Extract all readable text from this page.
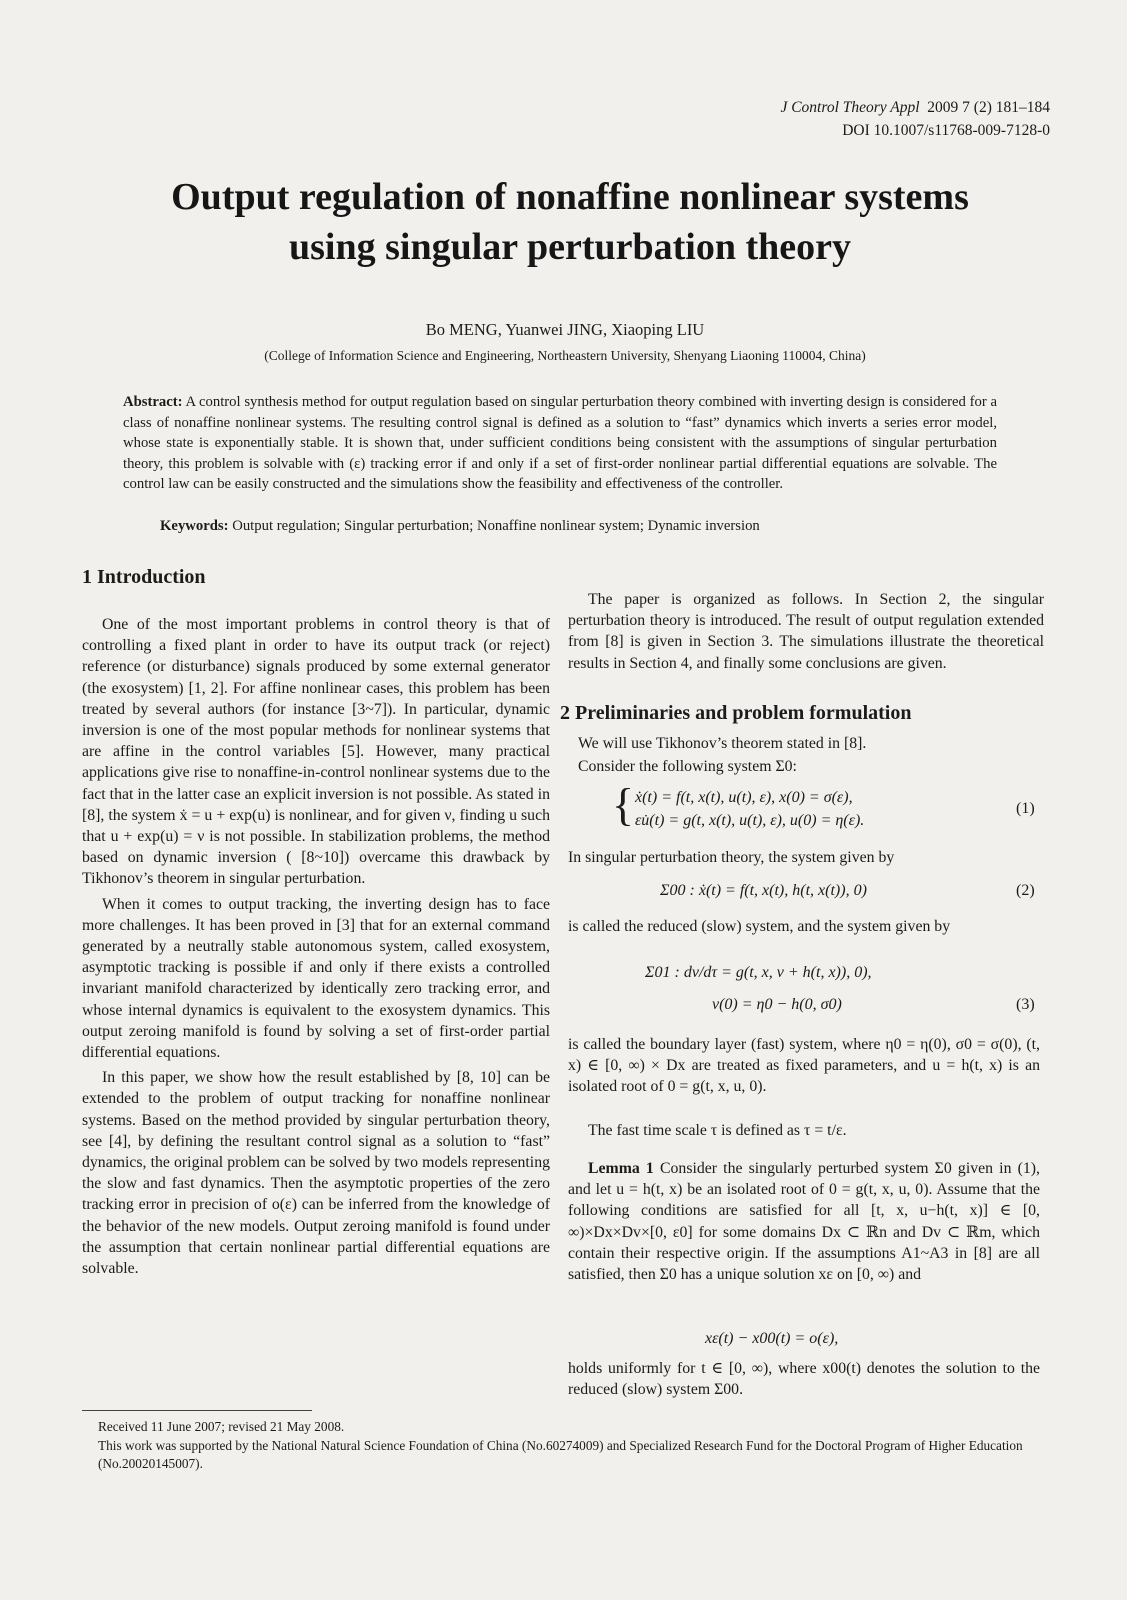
J Control Theory Appl 2009 7 (2) 181–184
DOI 10.1007/s11768-009-7128-0
Output regulation of nonaffine nonlinear systems
using singular perturbation theory
Bo MENG, Yuanwei JING, Xiaoping LIU
(College of Information Science and Engineering, Northeastern University, Shenyang Liaoning 110004, China)
Abstract: A control synthesis method for output regulation based on singular perturbation theory combined with inverting design is considered for a class of nonaffine nonlinear systems. The resulting control signal is defined as a solution to “fast” dynamics which inverts a series error model, whose state is exponentially stable. It is shown that, under sufficient conditions being consistent with the assumptions of singular perturbation theory, this problem is solvable with (ε) tracking error if and only if a set of first-order nonlinear partial differential equations are solvable. The control law can be easily constructed and the simulations show the feasibility and effectiveness of the controller.
Keywords: Output regulation; Singular perturbation; Nonaffine nonlinear system; Dynamic inversion
1 Introduction

One of the most important problems in control theory is that of controlling a fixed plant in order to have its output track (or reject) reference (or disturbance) signals produced by some external generator (the exosystem) [1, 2]. For affine nonlinear cases, this problem has been treated by several authors (for instance [3~7]). In particular, dynamic inversion is one of the most popular methods for nonlinear systems that are affine in the control variables [5]. However, many practical applications give rise to nonaffine-in-control nonlinear systems due to the fact that in the latter case an explicit inversion is not possible. As stated in [8], the system ẋ = u + exp(u) is nonlinear, and for given ν, finding u such that u + exp(u) = ν is not possible. In stabilization problems, the method based on dynamic inversion ( [8~10]) overcame this drawback by Tikhonov’s theorem in singular perturbation.

When it comes to output tracking, the inverting design has to face more challenges. It has been proved in [3] that for an external command generated by a neutrally stable autonomous system, called exosystem, asymptotic tracking is possible if and only if there exists a controlled invariant manifold characterized by identically zero tracking error, and whose internal dynamics is equivalent to the exosystem dynamics. This output zeroing manifold is found by solving a set of first-order partial differential equations.

In this paper, we show how the result established by [8, 10] can be extended to the problem of output tracking for nonaffine nonlinear systems. Based on the method provided by singular perturbation theory, see [4], by defining the resultant control signal as a solution to “fast” dynamics, the original problem can be solved by two models representing the slow and fast dynamics. Then the asymptotic properties of the zero tracking error in precision of o(ε) can be inferred from the knowledge of the behavior of the new models. Output zeroing manifold is found under the assumption that certain nonlinear partial differential equations are solvable.

The paper is organized as follows. In Section 2, the singular perturbation theory is introduced. The result of output regulation extended from [8] is given in Section 3. The simulations illustrate the theoretical results in Section 4, and finally some conclusions are given.

2 Preliminaries and problem formulation
We will use Tikhonov’s theorem stated in [8].
Consider the following system Σ0:
{ ẋ(t) = f(t, x(t), u(t), ε), x(0) = σ(ε),
εu̇(t) = g(t, x(t), u(t), ε), u(0) = η(ε).
(1)
In singular perturbation theory, the system given by
Σ00 : ẋ(t) = f(t, x(t), h(t, x(t)), 0)	(2)
is called the reduced (slow) system, and the system given by
Σ01 : dν/dτ = g(t, x, ν + h(t, x)), 0),
ν(0) = η0 − h(0, σ0)	(3)
is called the boundary layer (fast) system, where η0 = η(0), σ0 = σ(0), (t, x) ∈ [0, ∞) × Dx are treated as fixed parameters, and u = h(t, x) is an isolated root of 0 = g(t, x, u, 0).
The fast time scale τ is defined as τ = t/ε.

Lemma 1 Consider the singularly perturbed system Σ0 given in (1), and let u = h(t, x) be an isolated root of 0 = g(t, x, u, 0). Assume that the following conditions are satisfied for all [t, x, u−h(t, x)] ∈ [0, ∞)×Dx×Dv×[0, ε0] for some domains Dx ⊂ ℝn and Dv ⊂ ℝm, which contain their respective origin. If the assumptions A1~A3 in [8] are all satisfied, then Σ0 has a unique solution xε on [0, ∞) and

xε(t) − x00(t) = o(ε),

holds uniformly for t ∈ [0, ∞), where x00(t) denotes the solution to the reduced (slow) system Σ00.

Received 11 June 2007; revised 21 May 2008.

This work was supported by the National Natural Science Foundation of China (No.60274009) and Specialized Research Fund for the Doctoral Program of Higher Education (No.20020145007).
